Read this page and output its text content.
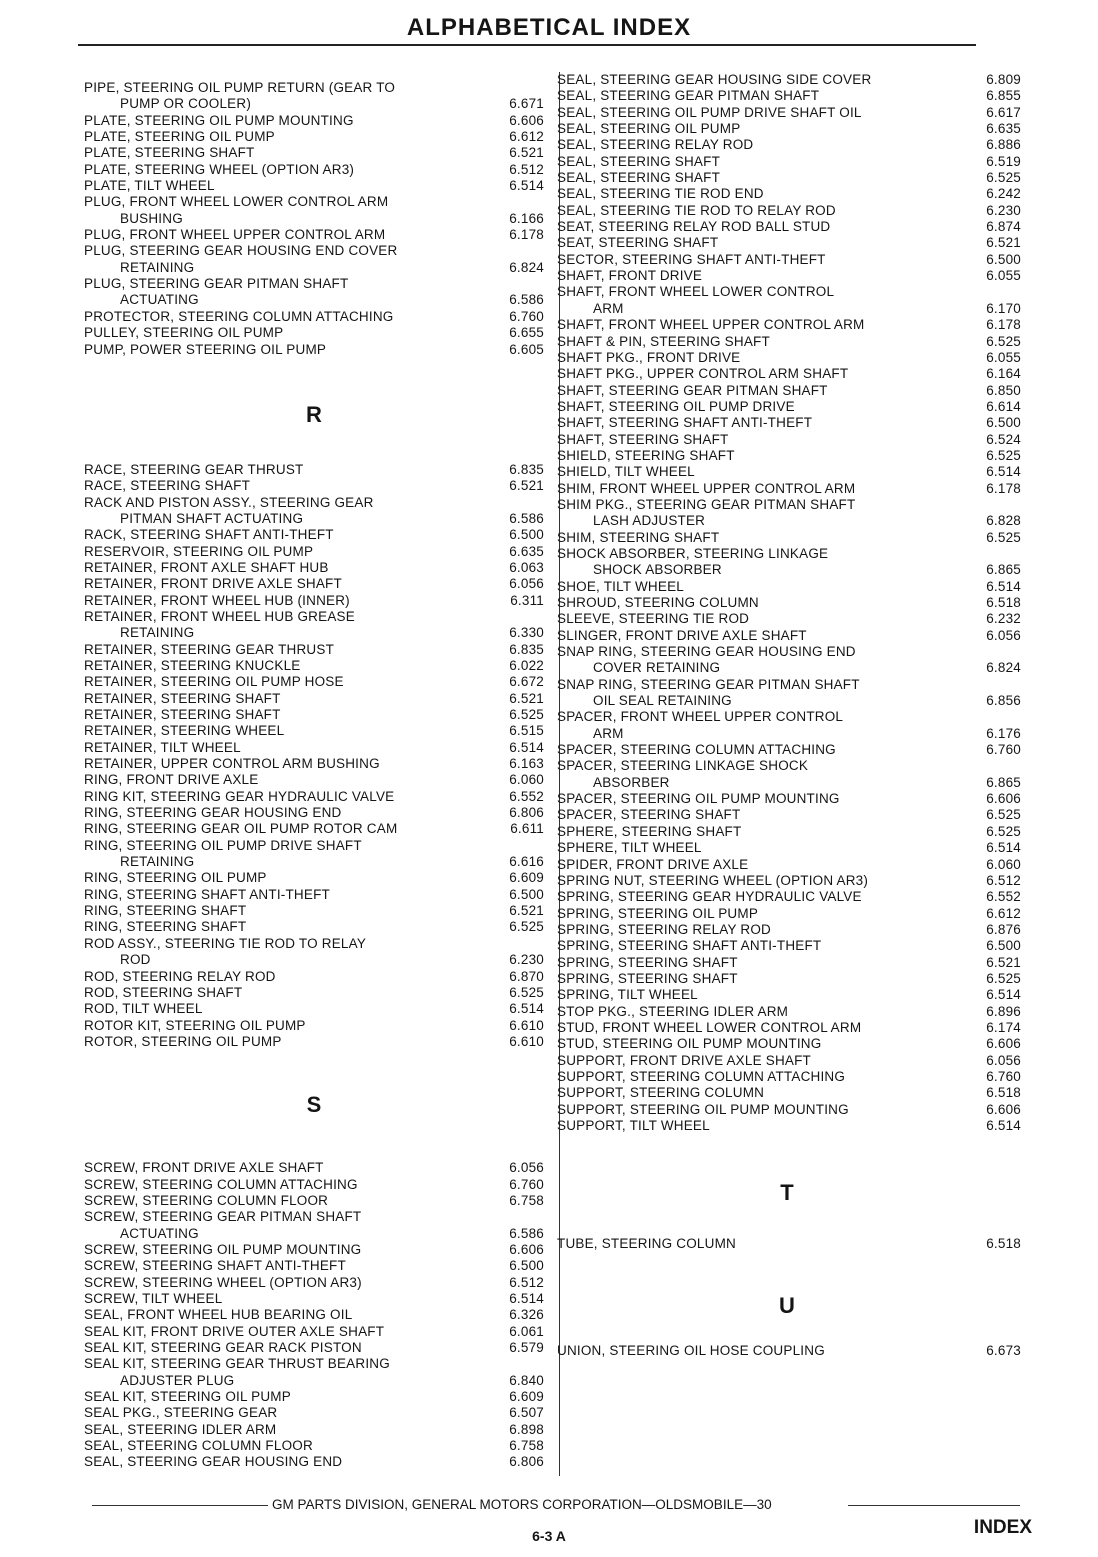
ALPHABETICAL INDEX
PIPE, STEERING OIL PUMP RETURN (GEAR TO
PUMP OR COOLER)	6.671
PLATE, STEERING OIL PUMP MOUNTING	6.606
PLATE, STEERING OIL PUMP	6.612
PLATE, STEERING SHAFT	6.521
PLATE, STEERING WHEEL (OPTION AR3)	6.512
PLATE, TILT WHEEL	6.514
PLUG, FRONT WHEEL LOWER CONTROL ARM
BUSHING	6.166
PLUG, FRONT WHEEL UPPER CONTROL ARM	6.178
PLUG, STEERING GEAR HOUSING END COVER
RETAINING	6.824
PLUG, STEERING GEAR PITMAN SHAFT
ACTUATING	6.586
PROTECTOR, STEERING COLUMN ATTACHING	6.760
PULLEY, STEERING OIL PUMP	6.655
PUMP, POWER STEERING OIL PUMP	6.605
R
RACE, STEERING GEAR THRUST	6.835
RACE, STEERING SHAFT	6.521
RACK AND PISTON ASSY., STEERING GEAR
PITMAN SHAFT ACTUATING	6.586
RACK, STEERING SHAFT ANTI-THEFT	6.500
RESERVOIR, STEERING OIL PUMP	6.635
RETAINER, FRONT AXLE SHAFT HUB	6.063
RETAINER, FRONT DRIVE AXLE SHAFT	6.056
RETAINER, FRONT WHEEL HUB (INNER)	6.311
RETAINER, FRONT WHEEL HUB GREASE
RETAINING	6.330
RETAINER, STEERING GEAR THRUST	6.835
RETAINER, STEERING KNUCKLE	6.022
RETAINER, STEERING OIL PUMP HOSE	6.672
RETAINER, STEERING SHAFT	6.521
RETAINER, STEERING SHAFT	6.525
RETAINER, STEERING WHEEL	6.515
RETAINER, TILT WHEEL	6.514
RETAINER, UPPER CONTROL ARM BUSHING	6.163
RING, FRONT DRIVE AXLE	6.060
RING KIT, STEERING GEAR HYDRAULIC VALVE	6.552
RING, STEERING GEAR HOUSING END	6.806
RING, STEERING GEAR OIL PUMP ROTOR CAM	6.611
RING, STEERING OIL PUMP DRIVE SHAFT
RETAINING	6.616
RING, STEERING OIL PUMP	6.609
RING, STEERING SHAFT ANTI-THEFT	6.500
RING, STEERING SHAFT	6.521
RING, STEERING SHAFT	6.525
ROD ASSY., STEERING TIE ROD TO RELAY
ROD	6.230
ROD, STEERING RELAY ROD	6.870
ROD, STEERING SHAFT	6.525
ROD, TILT WHEEL	6.514
ROTOR KIT, STEERING OIL PUMP	6.610
ROTOR, STEERING OIL PUMP	6.610
S
SCREW, FRONT DRIVE AXLE SHAFT	6.056
SCREW, STEERING COLUMN ATTACHING	6.760
SCREW, STEERING COLUMN FLOOR	6.758
SCREW, STEERING GEAR PITMAN SHAFT
ACTUATING	6.586
SCREW, STEERING OIL PUMP MOUNTING	6.606
SCREW, STEERING SHAFT ANTI-THEFT	6.500
SCREW, STEERING WHEEL (OPTION AR3)	6.512
SCREW, TILT WHEEL	6.514
SEAL, FRONT WHEEL HUB BEARING OIL	6.326
SEAL KIT, FRONT DRIVE OUTER AXLE SHAFT	6.061
SEAL KIT, STEERING GEAR RACK PISTON	6.579
SEAL KIT, STEERING GEAR THRUST BEARING
ADJUSTER PLUG	6.840
SEAL KIT, STEERING OIL PUMP	6.609
SEAL PKG., STEERING GEAR	6.507
SEAL, STEERING IDLER ARM	6.898
SEAL, STEERING COLUMN FLOOR	6.758
SEAL, STEERING GEAR HOUSING END	6.806
SEAL, STEERING GEAR HOUSING SIDE COVER	6.809
SEAL, STEERING GEAR PITMAN SHAFT	6.855
SEAL, STEERING OIL PUMP DRIVE SHAFT OIL	6.617
SEAL, STEERING OIL PUMP	6.635
SEAL, STEERING RELAY ROD	6.886
SEAL, STEERING SHAFT	6.519
SEAL, STEERING SHAFT	6.525
SEAL, STEERING TIE ROD END	6.242
SEAL, STEERING TIE ROD TO RELAY ROD	6.230
SEAT, STEERING RELAY ROD BALL STUD	6.874
SEAT, STEERING SHAFT	6.521
SECTOR, STEERING SHAFT ANTI-THEFT	6.500
SHAFT, FRONT DRIVE	6.055
SHAFT, FRONT WHEEL LOWER CONTROL
ARM	6.170
SHAFT, FRONT WHEEL UPPER CONTROL ARM	6.178
SHAFT & PIN, STEERING SHAFT	6.525
SHAFT PKG., FRONT DRIVE	6.055
SHAFT PKG., UPPER CONTROL ARM SHAFT	6.164
SHAFT, STEERING GEAR PITMAN SHAFT	6.850
SHAFT, STEERING OIL PUMP DRIVE	6.614
SHAFT, STEERING SHAFT ANTI-THEFT	6.500
SHAFT, STEERING SHAFT	6.524
SHIELD, STEERING SHAFT	6.525
SHIELD, TILT WHEEL	6.514
SHIM, FRONT WHEEL UPPER CONTROL ARM	6.178
SHIM PKG., STEERING GEAR PITMAN SHAFT
LASH ADJUSTER	6.828
SHIM, STEERING SHAFT	6.525
SHOCK ABSORBER, STEERING LINKAGE
SHOCK ABSORBER	6.865
SHOE, TILT WHEEL	6.514
SHROUD, STEERING COLUMN	6.518
SLEEVE, STEERING TIE ROD	6.232
SLINGER, FRONT DRIVE AXLE SHAFT	6.056
SNAP RING, STEERING GEAR HOUSING END
COVER RETAINING	6.824
SNAP RING, STEERING GEAR PITMAN SHAFT
OIL SEAL RETAINING	6.856
SPACER, FRONT WHEEL UPPER CONTROL
ARM	6.176
SPACER, STEERING COLUMN ATTACHING	6.760
SPACER, STEERING LINKAGE SHOCK
ABSORBER	6.865
SPACER, STEERING OIL PUMP MOUNTING	6.606
SPACER, STEERING SHAFT	6.525
SPHERE, STEERING SHAFT	6.525
SPHERE, TILT WHEEL	6.514
SPIDER, FRONT DRIVE AXLE	6.060
SPRING NUT, STEERING WHEEL (OPTION AR3)	6.512
SPRING, STEERING GEAR HYDRAULIC VALVE	6.552
SPRING, STEERING OIL PUMP	6.612
SPRING, STEERING RELAY ROD	6.876
SPRING, STEERING SHAFT ANTI-THEFT	6.500
SPRING, STEERING SHAFT	6.521
SPRING, STEERING SHAFT	6.525
SPRING, TILT WHEEL	6.514
STOP PKG., STEERING IDLER ARM	6.896
STUD, FRONT WHEEL LOWER CONTROL ARM	6.174
STUD, STEERING OIL PUMP MOUNTING	6.606
SUPPORT, FRONT DRIVE AXLE SHAFT	6.056
SUPPORT, STEERING COLUMN ATTACHING	6.760
SUPPORT, STEERING COLUMN	6.518
SUPPORT, STEERING OIL PUMP MOUNTING	6.606
SUPPORT, TILT WHEEL	6.514
T
TUBE, STEERING COLUMN	6.518
U
UNION, STEERING OIL HOSE COUPLING	6.673
GM PARTS DIVISION, GENERAL MOTORS CORPORATION—OLDSMOBILE—30
6-3 A	INDEX
